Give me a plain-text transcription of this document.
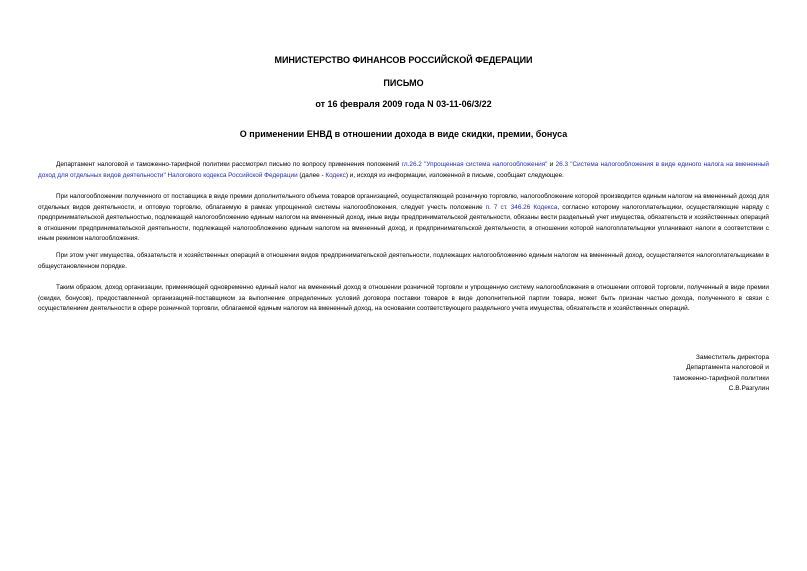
МИНИСТЕРСТВО ФИНАНСОВ РОССИЙСКОЙ ФЕДЕРАЦИИ
ПИСЬМО
от 16 февраля 2009 года N 03-11-06/3/22
О применении ЕНВД в отношении дохода в виде скидки, премии, бонуса

Департамент налоговой и таможенно-тарифной политики рассмотрел письмо по вопросу применения положений гл.26.2 "Упрощенная система налогообложения" и 26.3 "Система налогообложения в виде единого налога на вмененный доход для отдельных видов деятельности" Налогового кодекса Российской Федерации (далее - Кодекс) и, исходя из информации, изложенной в письме, сообщает следующее.

При налогообложении полученного от поставщика в виде премии дополнительного объема товаров организацией, осуществляющей розничную торговлю, налогообложение которой производится единым налогом на вмененный доход для отдельных видов деятельности, и оптовую торговлю, облагаемую в рамках упрощенной системы налогообложения, следует учесть положение п. 7 ст. 346.26 Кодекса, согласно которому налогоплательщики, осуществляющие наряду с предпринимательской деятельностью, подлежащей налогообложению единым налогом на вмененный доход, иные виды предпринимательской деятельности, обязаны вести раздельный учет имущества, обязательств и хозяйственных операций в отношении предпринимательской деятельности, подлежащей налогообложению единым налогом на вмененный доход, и предпринимательской деятельности, в отношении которой налогоплательщики уплачивают налоги в соответствии с иным режимом налогообложения.

При этом учет имущества, обязательств и хозяйственных операций в отношении видов предпринимательской деятельности, подлежащих налогообложению единым налогом на вмененный доход, осуществляется налогоплательщиками в общеустановленном порядке.

Таким образом, доход организации, применяющей одновременно единый налог на вмененный доход в отношении розничной торговли и упрощенную систему налогообложения в отношении оптовой торговли, полученный в виде премии (скидки, бонусов), предоставленной организацией-поставщиком за выполнение определенных условий договора поставки товаров в виде дополнительной партии товара, может быть признан частью дохода, полученного в связи с осуществлением деятельности в сфере розничной торговли, облагаемой единым налогом на вмененный доход, на основании соответствующего раздельного учета имущества, обязательств и хозяйственных операций.

Заместитель директора
Департамента налоговой и
таможенно-тарифной политики
С.В.Разгулин
